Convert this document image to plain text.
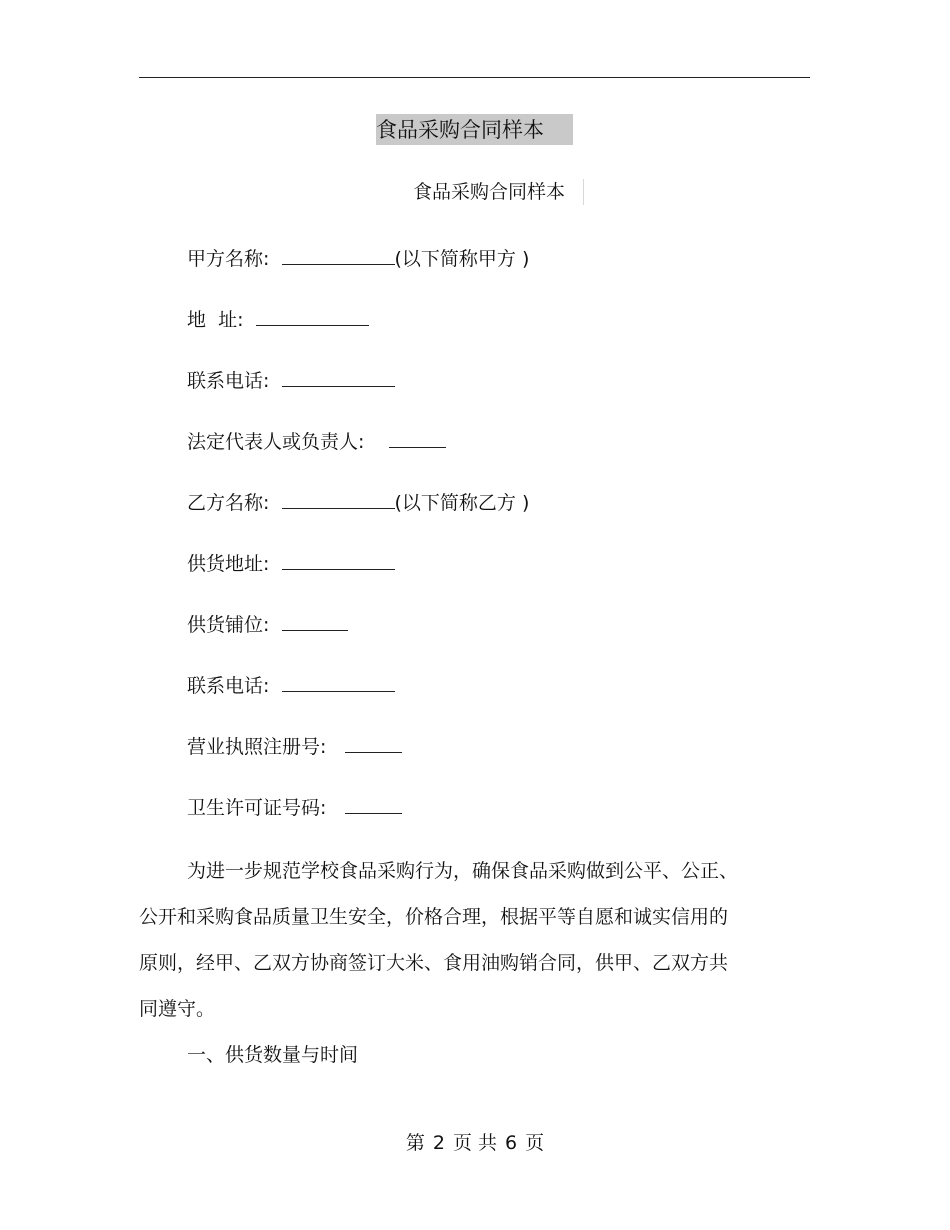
食品采购合同样本
食品采购合同样本
甲方名称:	(以下简称甲方 )
地  址:
联系电话:
法定代表人或负责人:
乙方名称:	(以下简称乙方 )
供货地址:
供货铺位:
联系电话:
营业执照注册号:
卫生许可证号码:
为进一步规范学校食品采购行为，确保食品采购做到公平、公正、
公开和采购食品质量卫生安全，价格合理，根据平等自愿和诚实信用的
原则，经甲、乙双方协商签订大米、食用油购销合同，供甲、乙双方共
同遵守。
一、供货数量与时间
第 2 页 共 6 页
